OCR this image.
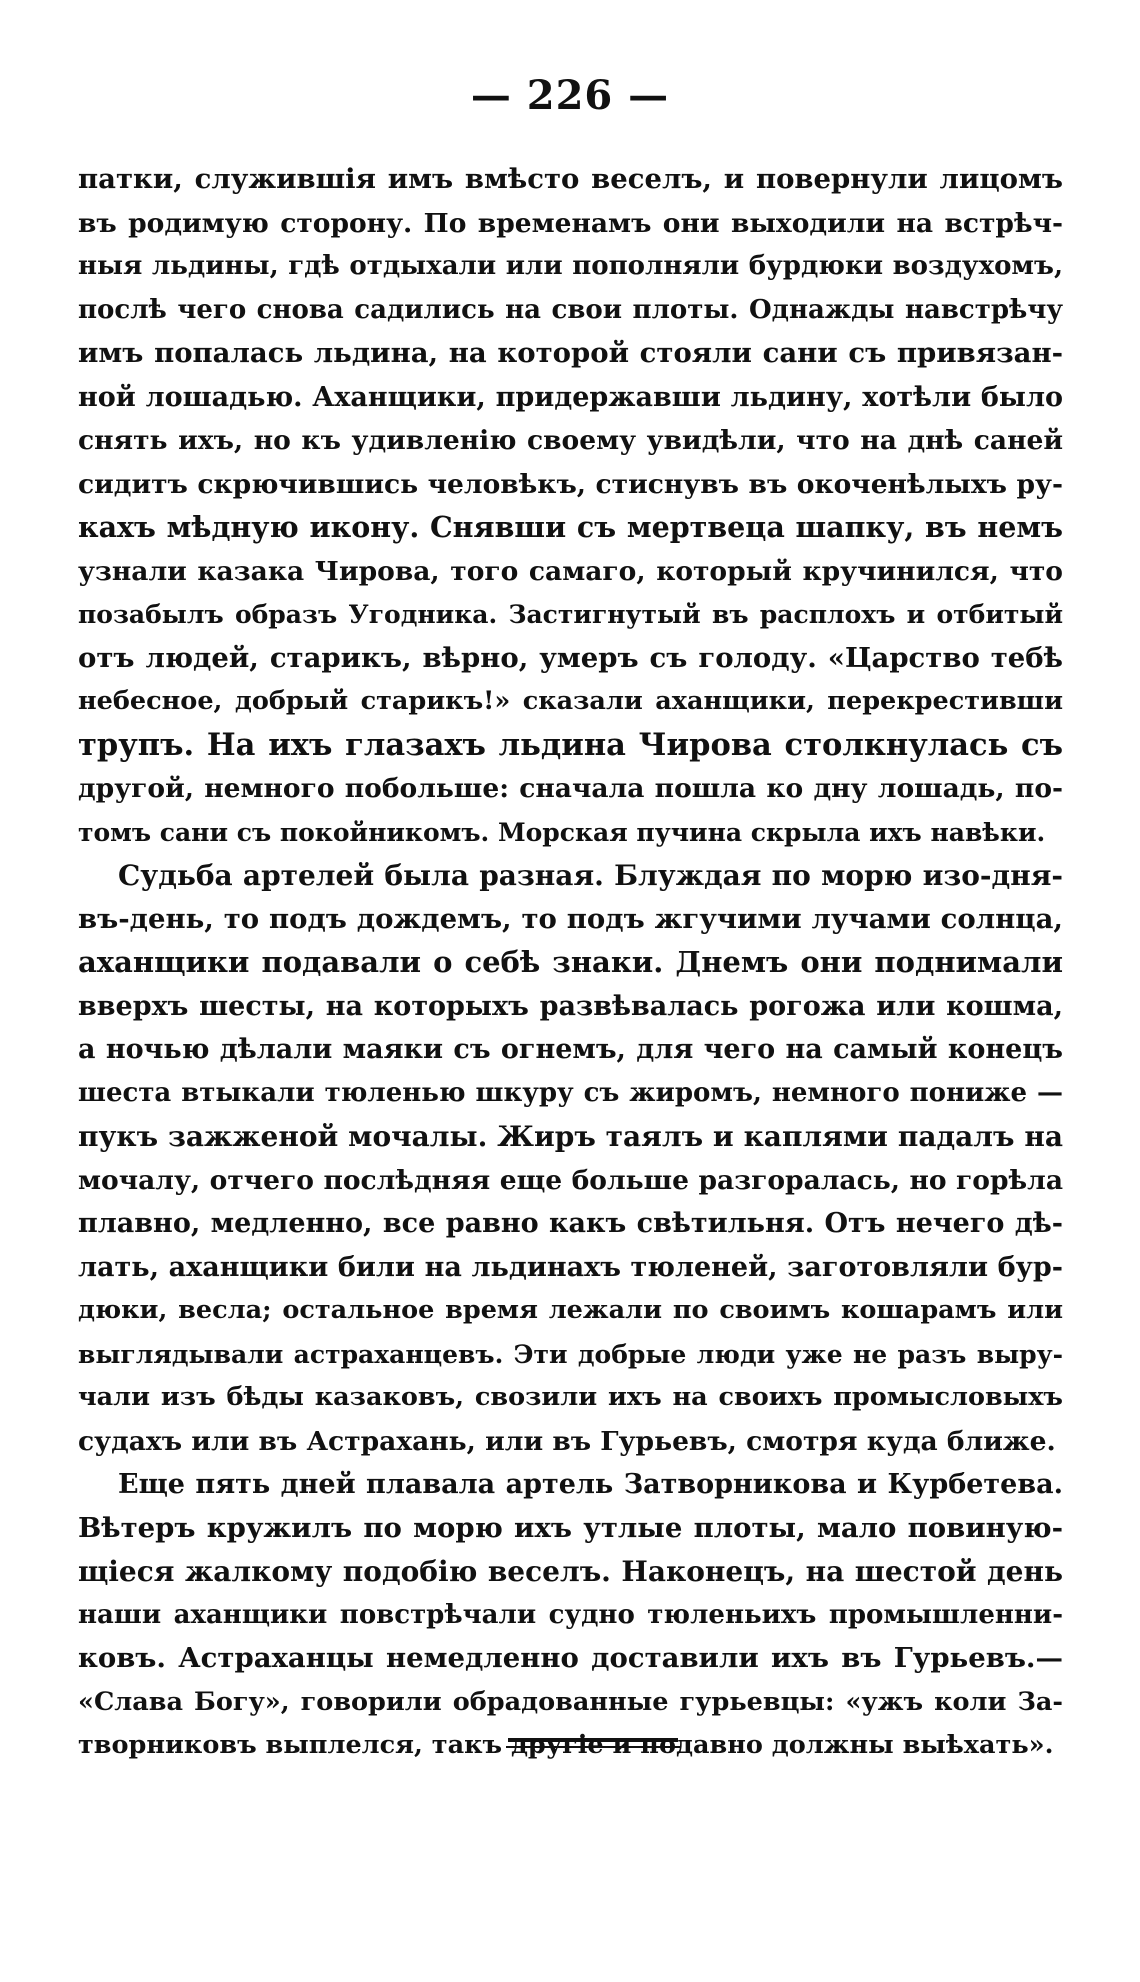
— 226 —
патки, служившія имъ вмѣсто веселъ, и повернули лицомъ
въ родимую сторону. По временамъ они выходили на встрѣч-
ныя льдины, гдѣ отдыхали или пополняли бурдюки воздухомъ,
послѣ чего снова садились на свои плоты. Однажды навстрѣчу
имъ попалась льдина, на которой стояли сани съ привязан-
ной лошадью. Аханщики, придержавши льдину, хотѣли было
снять ихъ, но къ удивленію своему увидѣли, что на днѣ саней
сидитъ скрючившись человѣкъ, стиснувъ въ окоченѣлыхъ ру-
кахъ мѣдную икону. Снявши съ мертвеца шапку, въ немъ
узнали казака Чирова, того самаго, который кручинился, что
позабылъ образъ Угодника. Застигнутый въ расплохъ и отбитый
отъ людей, старикъ, вѣрно, умеръ съ голоду. «Царство тебѣ
небесное, добрый старикъ!» сказали аханщики, перекрестивши
трупъ. На ихъ глазахъ льдина Чирова столкнулась съ
другой, немного побольше: сначала пошла ко дну лошадь, по-
томъ сани съ покойникомъ. Морская пучина скрыла ихъ навѣки.
Судьба артелей была разная. Блуждая по морю изо-дня-
въ-день, то подъ дождемъ, то подъ жгучими лучами солнца,
аханщики подавали о себѣ знаки. Днемъ они поднимали
вверхъ шесты, на которыхъ развѣвалась рогожа или кошма,
а ночью дѣлали маяки съ огнемъ, для чего на самый конецъ
шеста втыкали тюленью шкуру съ жиромъ, немного пониже —
пукъ зажженой мочалы. Жиръ таялъ и каплями падалъ на
мочалу, отчего послѣдняя еще больше разгоралась, но горѣла
плавно, медленно, все равно какъ свѣтильня. Отъ нечего дѣ-
лать, аханщики били на льдинахъ тюленей, заготовляли бур-
дюки, весла; остальное время лежали по своимъ кошарамъ или
выглядывали астраханцевъ. Эти добрые люди уже не разъ выру-
чали изъ бѣды казаковъ, свозили ихъ на своихъ промысловыхъ
судахъ или въ Астрахань, или въ Гурьевъ, смотря куда ближе.
Еще пять дней плавала артель Затворникова и Курбетева.
Вѣтеръ кружилъ по морю ихъ утлые плоты, мало повиную-
щіеся жалкому подобію веселъ. Наконецъ, на шестой день
наши аханщики повстрѣчали судно тюленьихъ промышленни-
ковъ. Астраханцы немедленно доставили ихъ въ Гурьевъ.—
«Слава Богу», говорили обрадованные гурьевцы: «ужъ коли За-
творниковъ выплелся, такъ другіе и подавно должны выѣхать».
